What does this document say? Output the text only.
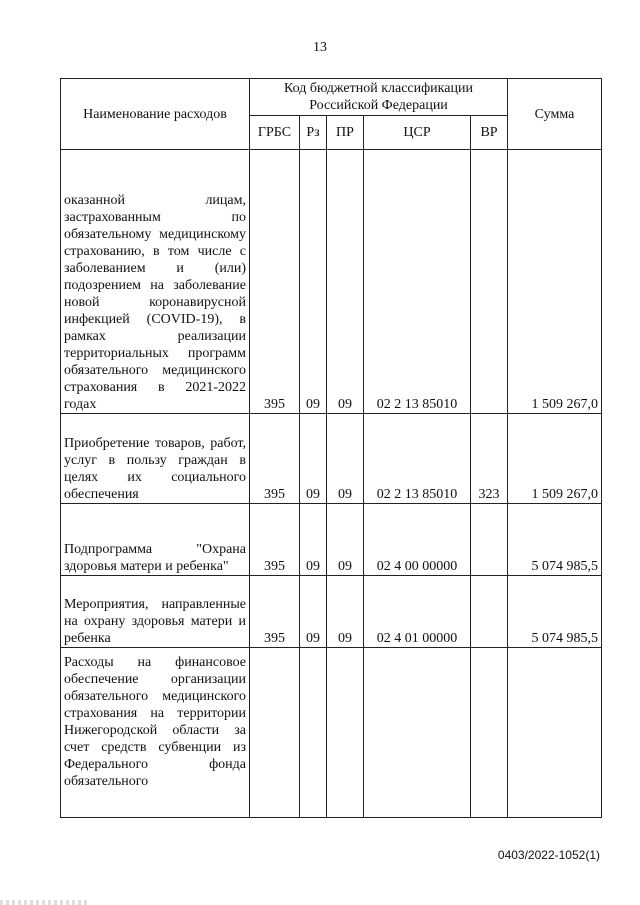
13
Наименование расходов	Код бюджетной классификации Российской Федерации					Сумма
	ГРБС	Рз	ПР	ЦСР	ВР	

оказанной лицам, застрахованным по обязательному медицинскому страхованию, в том числе с заболеванием и (или) подозрением на заболевание новой коронавирусной инфекцией (COVID-19), в рамках реализации территориальных программ обязательного медицинского страхования в 2021-2022 годах	395	09	09	02 2 13 85010		1 509 267,0

Приобретение товаров, работ, услуг в пользу граждан в целях их социального обеспечения	395	09	09	02 2 13 85010	323	1 509 267,0

Подпрограмма "Охрана здоровья матери и ребенка"	395	09	09	02 4 00 00000		5 074 985,5

Мероприятия, направленные на охрану здоровья матери и ребенка	395	09	09	02 4 01 00000		5 074 985,5

Расходы на финансовое обеспечение организации обязательного медицинского страхования на территории Нижегородской области за счет средств субвенции из Федерального фонда обязательного						

0403/2022-1052(1)
